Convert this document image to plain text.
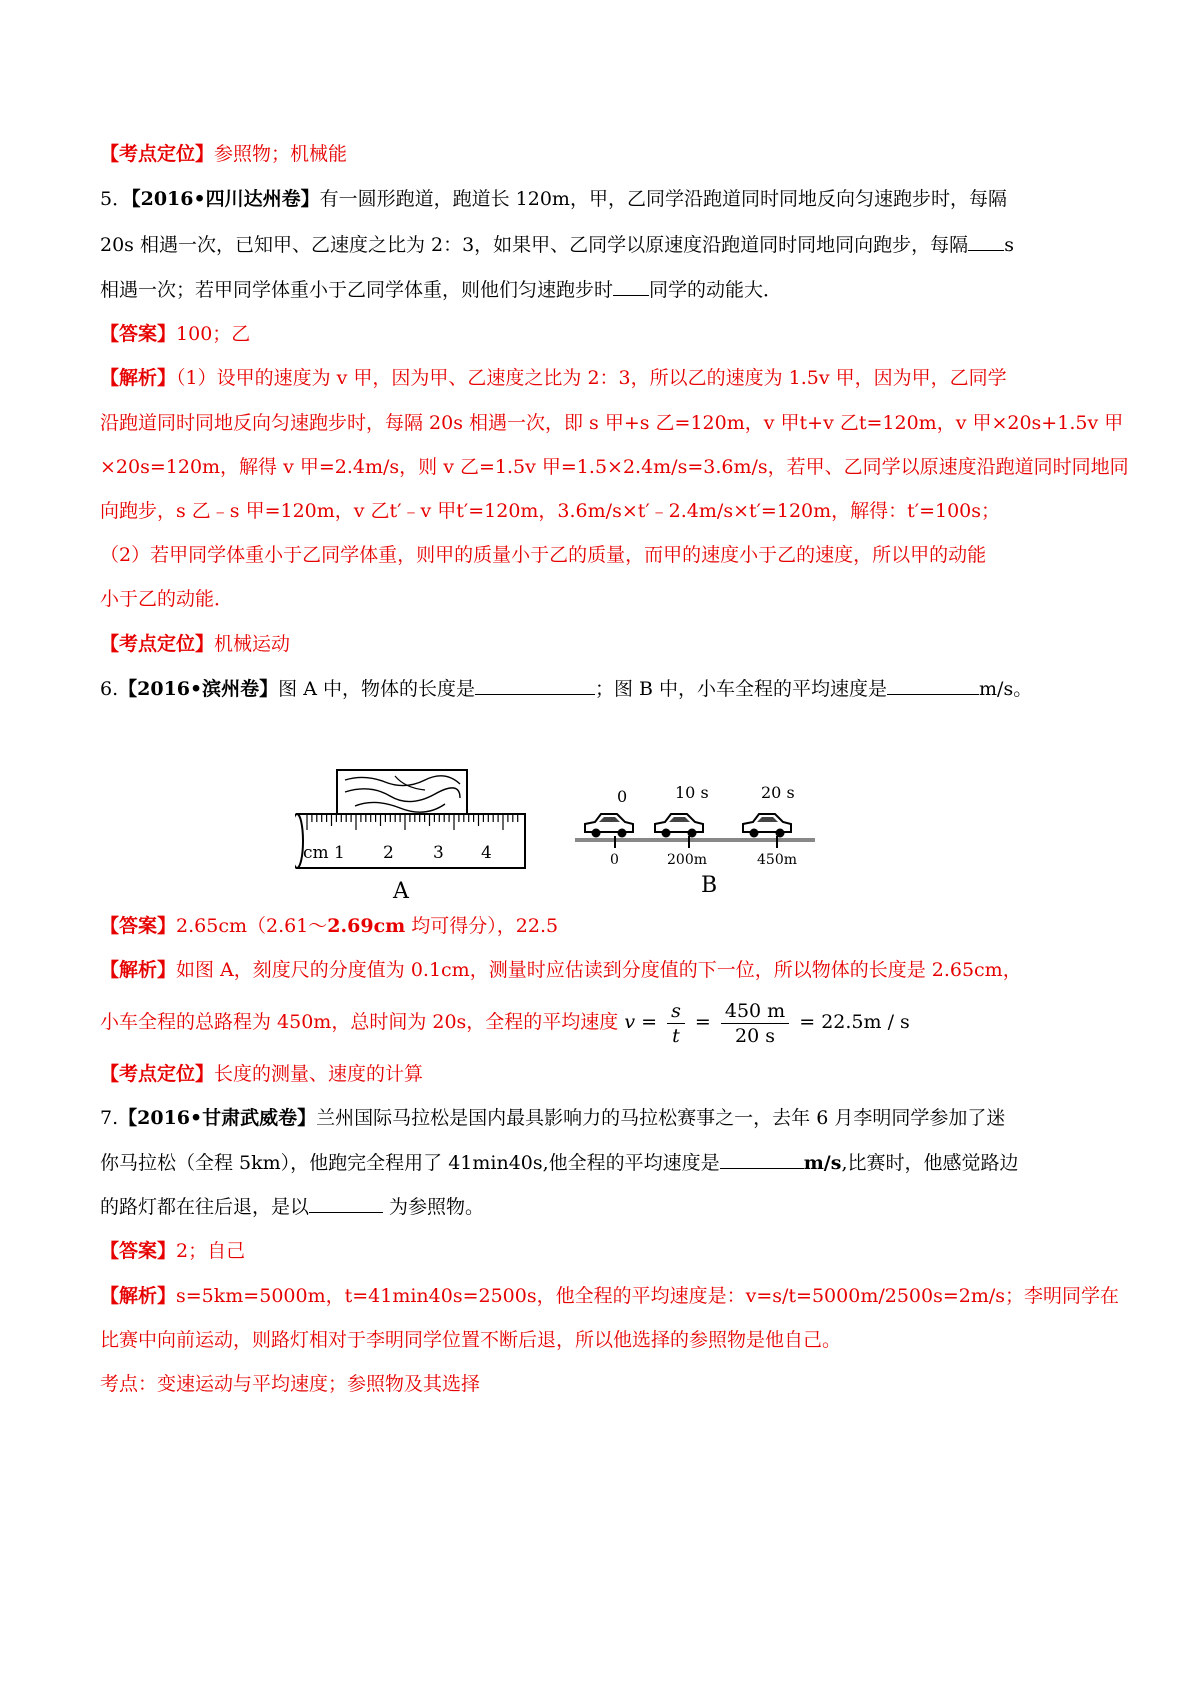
【考点定位】参照物；机械能
5．【2016•四川达州卷】有一圆形跑道，跑道长 120m，甲，乙同学沿跑道同时同地反向匀速跑步时，每隔
20s 相遇一次，已知甲、乙速度之比为 2：3，如果甲、乙同学以原速度沿跑道同时同地同向跑步，每隔 s
相遇一次；若甲同学体重小于乙同学体重，则他们匀速跑步时 同学的动能大．
【答案】100；乙
【解析】（1）设甲的速度为 v 甲，因为甲、乙速度之比为 2：3，所以乙的速度为 1.5v 甲，因为甲，乙同学
沿跑道同时同地反向匀速跑步时，每隔 20s 相遇一次，即 s 甲+s 乙=120m，v 甲t+v 乙t=120m，v 甲×20s+1.5v 甲
×20s=120m，解得 v 甲=2.4m/s，则 v 乙=1.5v 甲=1.5×2.4m/s=3.6m/s，若甲、乙同学以原速度沿跑道同时同地同
向跑步，s 乙﹣s 甲=120m，v 乙t′﹣v 甲t′=120m，3.6m/s×t′﹣2.4m/s×t′=120m，解得：t′=100s；
（2）若甲同学体重小于乙同学体重，则甲的质量小于乙的质量，而甲的速度小于乙的速度，所以甲的动能
小于乙的动能．
【考点定位】机械运动
6.【2016•滨州卷】图 A 中，物体的长度是	；图 B 中，小车全程的平均速度是	m/s。
cm 1 2 3 4
A
0	10 s	20 s
0	200m	450m
B
【答案】2.65cm（2.61～2.69cm 均可得分），22.5
【解析】如图 A，刻度尺的分度值为 0.1cm，测量时应估读到分度值的下一位，所以物体的长度是 2.65cm，
小车全程的总路程为 450m，总时间为 20s，全程的平均速度 $v = \frac{s}{t} = \frac{450 m}{20 s} = 22.5m / s$
【考点定位】长度的测量、速度的计算
7.【2016•甘肃武威卷】兰州国际马拉松是国内最具影响力的马拉松赛事之一，去年 6 月李明同学参加了迷
你马拉松（全程 5km），他跑完全程用了 41min40s,他全程的平均速度是	m/s,比赛时，他感觉路边
的路灯都在往后退，是以	为参照物。
【答案】2；自己
【解析】s=5km=5000m，t=41min40s=2500s，他全程的平均速度是：v=s/t=5000m/2500s=2m/s；李明同学在
比赛中向前运动，则路灯相对于李明同学位置不断后退，所以他选择的参照物是他自己。
考点：变速运动与平均速度；参照物及其选择
